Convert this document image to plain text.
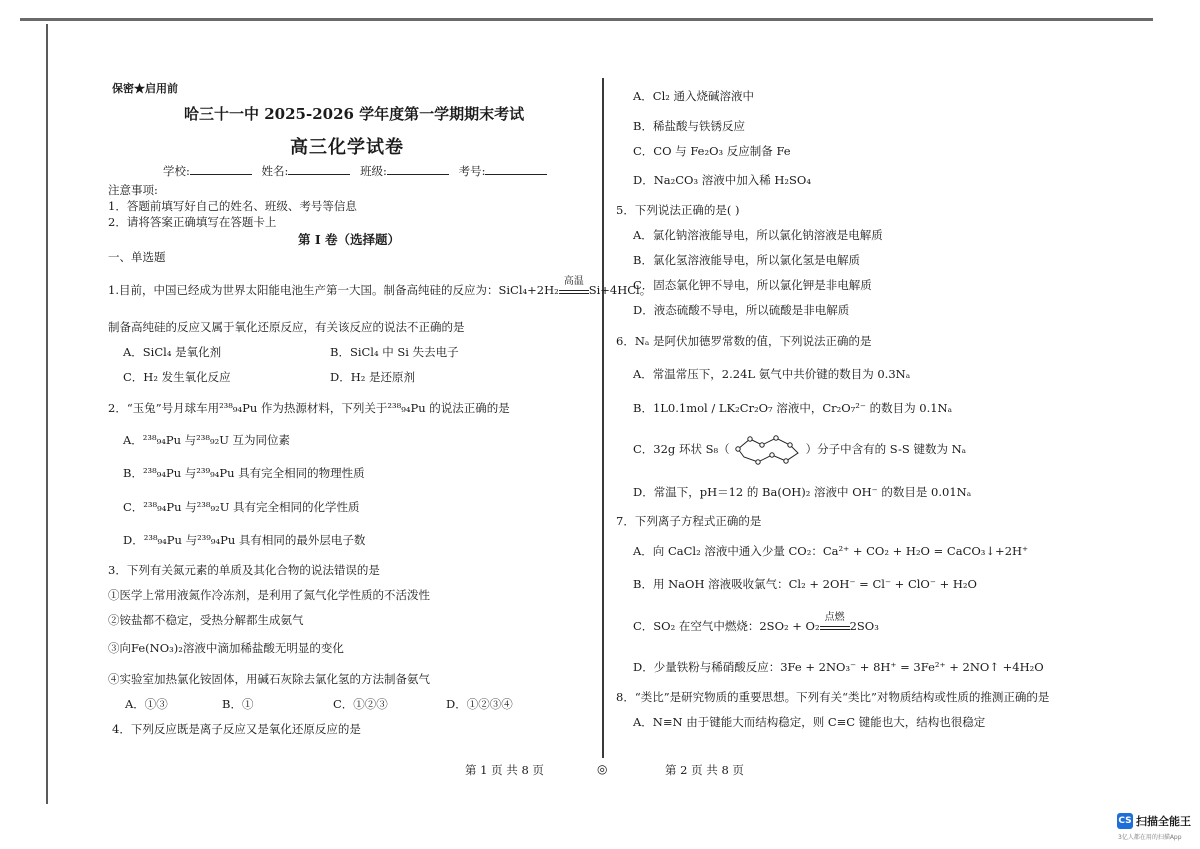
保密★启用前
哈三十一中 2025-2026 学年度第一学期期末考试
高三化学试卷
学校:	姓名:	班级:	考号:
注意事项:
1．答题前填写好自己的姓名、班级、考号等信息
2．请将答案正确填写在答题卡上
第 I 卷（选择题）
一、单选题
1.目前，中国已经成为世界太阳能电池生产第一大国。制备高纯硅的反应为：SiCl₄+2H₂
高温
Si+4HCl。
制备高纯硅的反应又属于氧化还原反应，有关该反应的说法不正确的是
A．SiCl₄ 是氧化剂	B．SiCl₄ 中 Si 失去电子
C．H₂ 发生氧化反应	D．H₂ 是还原剂
2．“玉兔”号月球车用²³⁸₉₄Pu 作为热源材料，下列关于²³⁸₉₄Pu 的说法正确的是
A．²³⁸₉₄Pu 与²³⁸₉₂U 互为同位素
B．²³⁸₉₄Pu 与²³⁹₉₄Pu 具有完全相同的物理性质
C．²³⁸₉₄Pu 与²³⁸₉₂U 具有完全相同的化学性质
D．²³⁸₉₄Pu 与²³⁹₉₄Pu 具有相同的最外层电子数
3．下列有关氮元素的单质及其化合物的说法错误的是
①医学上常用液氮作冷冻剂，是利用了氮气化学性质的不活泼性
②铵盐都不稳定，受热分解都生成氨气
③向Fe(NO₃)₂溶液中滴加稀盐酸无明显的变化
④实验室加热氯化铵固体，用碱石灰除去氯化氢的方法制备氨气
A．①③	B．①	C．①②③	D．①②③④
4．下列反应既是离子反应又是氧化还原反应的是
A．Cl₂ 通入烧碱溶液中
B．稀盐酸与铁锈反应
C．CO 与 Fe₂O₃ 反应制备 Fe
D．Na₂CO₃ 溶液中加入稀 H₂SO₄
5．下列说法正确的是( )
A．氯化钠溶液能导电，所以氯化钠溶液是电解质
B．氯化氢溶液能导电，所以氯化氢是电解质
C．固态氯化钾不导电，所以氯化钾是非电解质
D．液态硫酸不导电，所以硫酸是非电解质
6．Nₐ 是阿伏加德罗常数的值，下列说法正确的是
A．常温常压下，2.24L 氨气中共价键的数目为 0.3Nₐ
B．1L0.1mol / LK₂Cr₂O₇ 溶液中，Cr₂O₇²⁻ 的数目为 0.1Nₐ
C．32g 环状 S₈（	）分子中含有的 S-S 键数为 Nₐ
D．常温下，pH＝12 的 Ba(OH)₂ 溶液中 OH⁻ 的数目是 0.01Nₐ
7．下列离子方程式正确的是
A．向 CaCl₂ 溶液中通入少量 CO₂：Ca²⁺ + CO₂ + H₂O = CaCO₃↓+2H⁺
B．用 NaOH 溶液吸收氯气：Cl₂ + 2OH⁻ = Cl⁻ + ClO⁻ + H₂O
C．SO₂ 在空气中燃烧：2SO₂ + O₂
点燃
2SO₃
D．少量铁粉与稀硝酸反应：3Fe + 2NO₃⁻ + 8H⁺ = 3Fe²⁺ + 2NO↑ +4H₂O
8．“类比”是研究物质的重要思想。下列有关“类比”对物质结构或性质的推测正确的是
A．N≡N 由于键能大而结构稳定，则 C≡C 键能也大，结构也很稳定
第 1 页 共 8 页	◎	第 2 页 共 8 页
CS 扫描全能王
3亿人都在用的扫描App
